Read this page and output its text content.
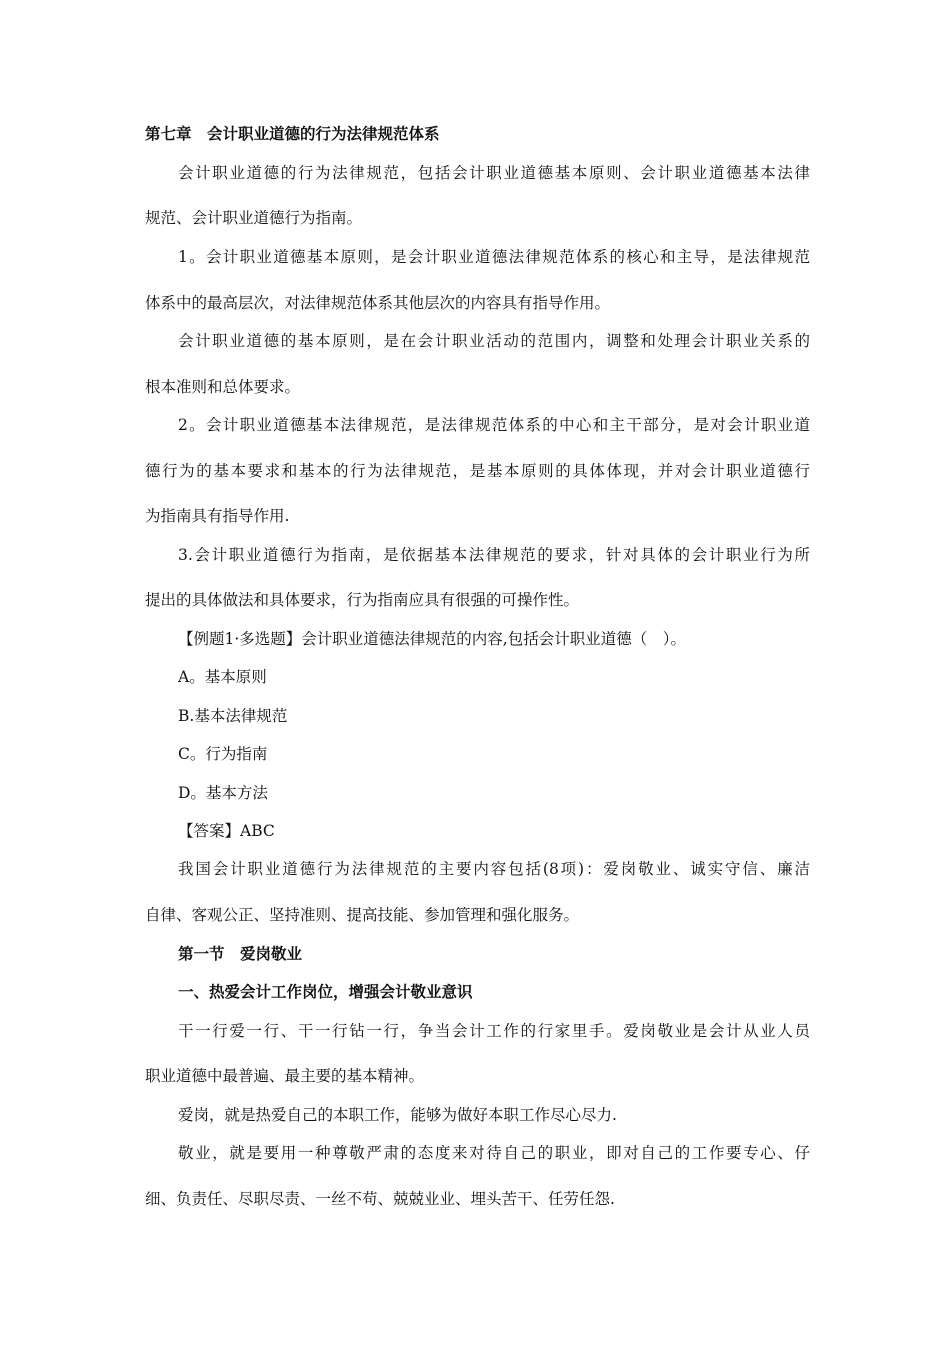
第七章　会计职业道德的行为法律规范体系
会计职业道德的行为法律规范，包括会计职业道德基本原则、会计职业道德基本法律
规范、会计职业道德行为指南。
1。会计职业道德基本原则，是会计职业道德法律规范体系的核心和主导，是法律规范
体系中的最高层次，对法律规范体系其他层次的内容具有指导作用。
会计职业道德的基本原则，是在会计职业活动的范围内，调整和处理会计职业关系的
根本准则和总体要求。
2。会计职业道德基本法律规范，是法律规范体系的中心和主干部分，是对会计职业道
德行为的基本要求和基本的行为法律规范，是基本原则的具体体现，并对会计职业道德行
为指南具有指导作用.
3.会计职业道德行为指南，是依据基本法律规范的要求，针对具体的会计职业行为所
提出的具体做法和具体要求，行为指南应具有很强的可操作性。
【例题1·多选题】会计职业道德法律规范的内容,包括会计职业道德（　）。
A。基本原则
B.基本法律规范
C。行为指南
D。基本方法
【答案】ABC
我国会计职业道德行为法律规范的主要内容包括(8项)：爱岗敬业、诚实守信、廉洁
自律、客观公正、坚持准则、提高技能、参加管理和强化服务。
第一节　爱岗敬业
一、热爱会计工作岗位，增强会计敬业意识
干一行爱一行、干一行钻一行，争当会计工作的行家里手。爱岗敬业是会计从业人员
职业道德中最普遍、最主要的基本精神。
爱岗，就是热爱自己的本职工作，能够为做好本职工作尽心尽力.
敬业，就是要用一种尊敬严肃的态度来对待自己的职业，即对自己的工作要专心、仔
细、负责任、尽职尽责、一丝不苟、兢兢业业、埋头苦干、任劳任怨.
